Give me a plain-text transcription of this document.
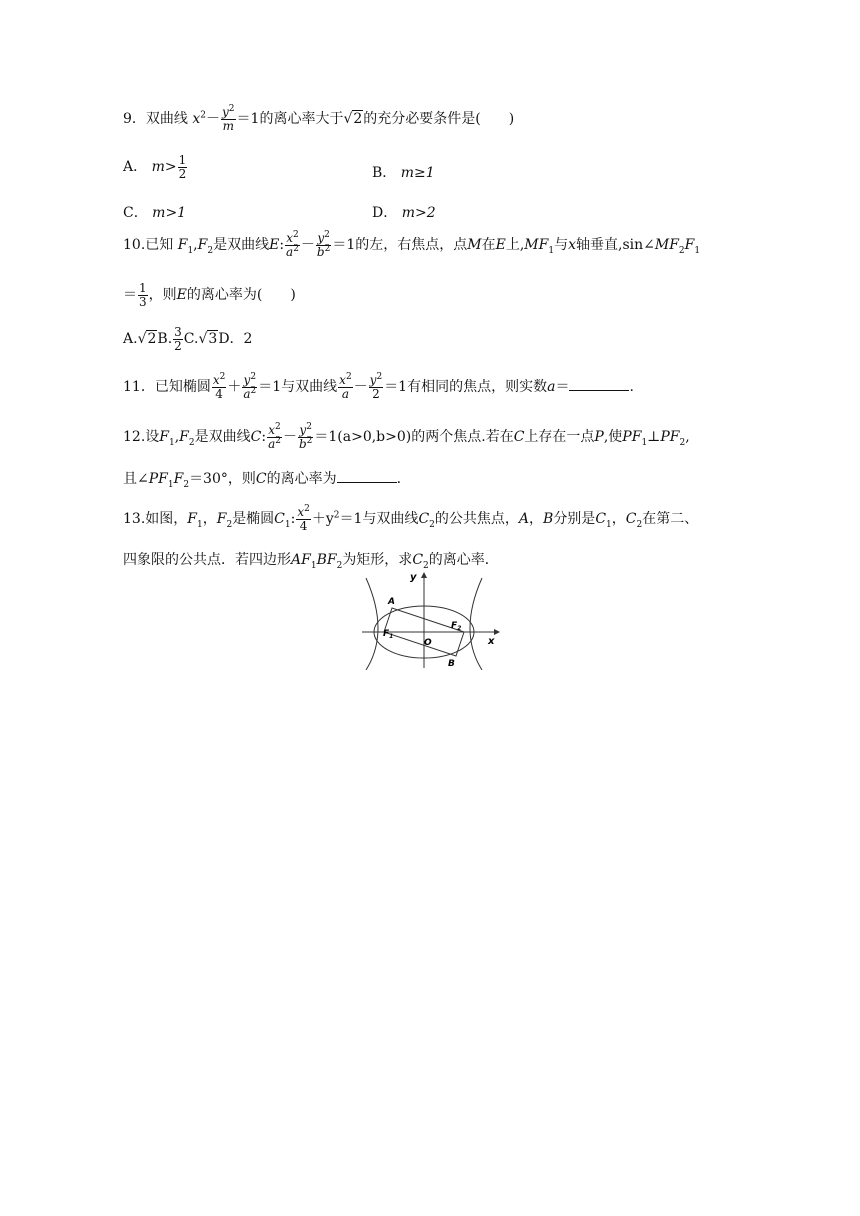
9．双曲线 $x^2- \frac{y^2}{m} =1$的离心率大于√2的充分必要条件是(　　)
A． $m> \frac{1}{2}$	B． m≥1
C． m>1	D． m>2
10.已知 $F_1,F_2$是双曲线E: $\frac{x^2}{a^2} - \frac{y^2}{b^2} =1$的左，右焦点，点M在E上$,MF_1$与x轴垂直$,\sin\angle MF_2F_1$
＝ $\frac{1}{3}$ ，则E的离心率为(　　)
A.√2B. $\frac{3}{2} C.√3D$．2
11．已知椭圆 $\frac{x^2}{4} + \frac{y^2}{a^2} =1$与双曲线 $\frac{x^2}{a} - \frac{y^2}{2} =1$有相同的焦点，则实数a＝	.
12.设$F_1,F_2$是双曲线C: $\frac{x^2}{a^2} - \frac{y^2}{b^2} =1(a>0,b>0)$的两个焦点.若在C上存在一点P,使$PF_1\perp PF_2$,
且$\angle PF_1F_2=30^\circ$，则C的离心率为	.
13.如图，$F_1$，$F_2$是椭圆$C_1$: $\frac{x^2}{4} +y^2=1$与双曲线$C_2$的公共焦点，A，B分别是$C_1$，$C_2$在第二、
四象限的公共点．若四边形$AF_1BF_2$为矩形，求$C_2$的离心率．
y
x
A
B
O
$F_1$
$F_2$
